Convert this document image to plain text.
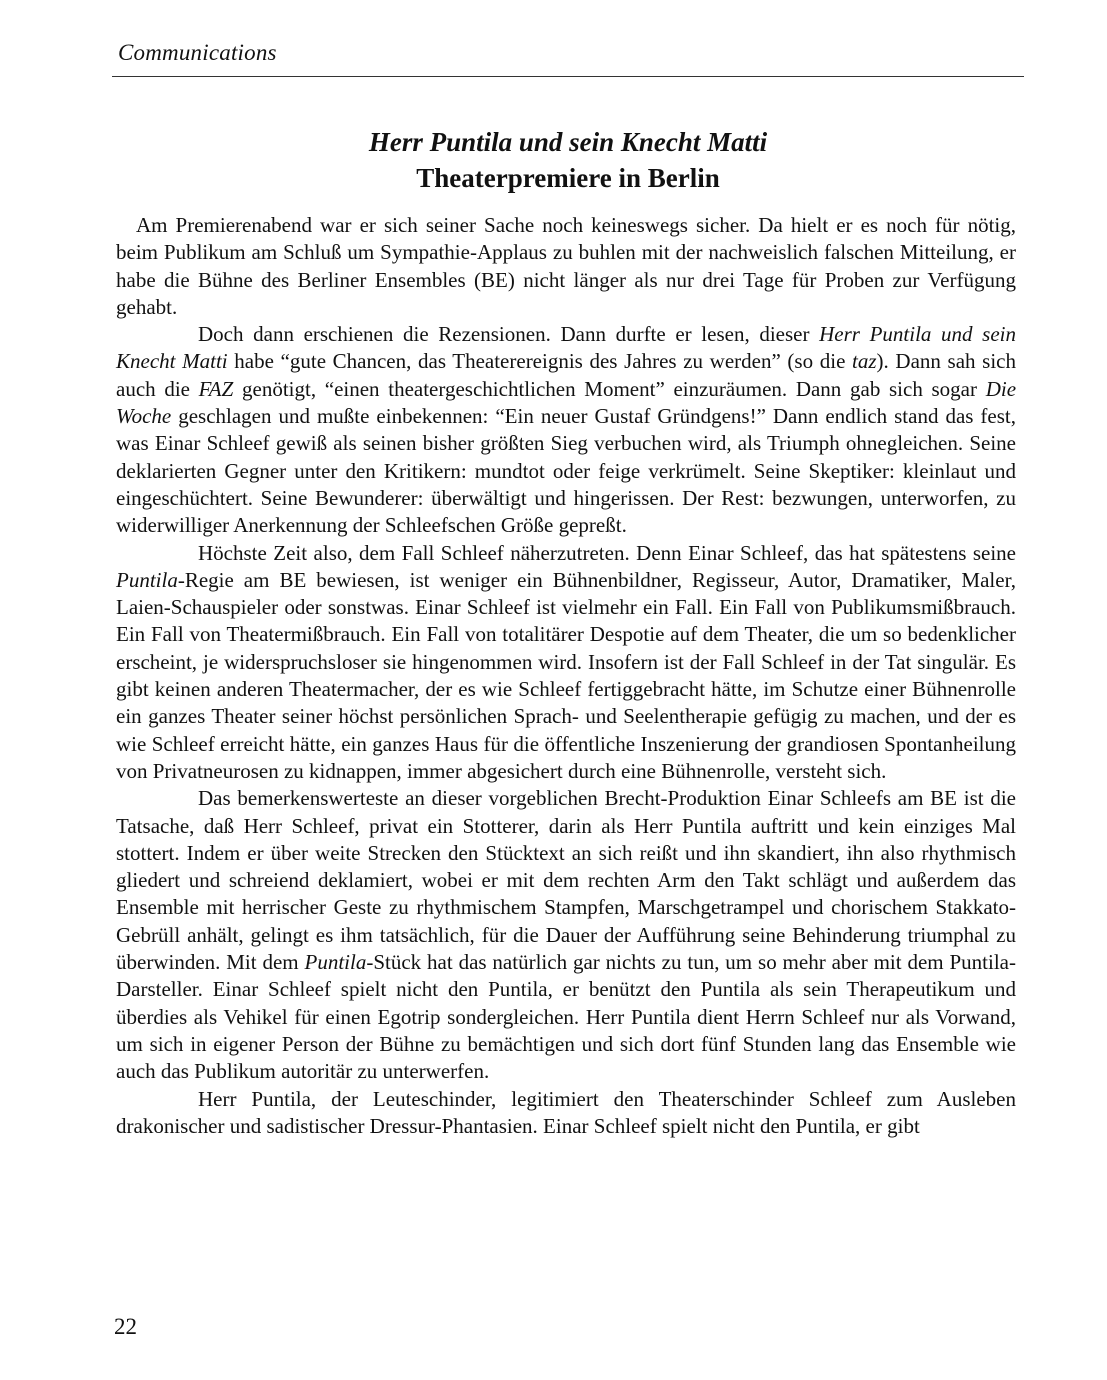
Communications
Herr Puntila und sein Knecht Matti
Theaterpremiere in Berlin

Am Premierenabend war er sich seiner Sache noch keineswegs sicher. Da hielt er es noch für nötig, beim Publikum am Schluß um Sympathie-Applaus zu buhlen mit der nachweislich falschen Mitteilung, er habe die Bühne des Berliner Ensembles (BE) nicht länger als nur drei Tage für Proben zur Verfügung gehabt.

Doch dann erschienen die Rezensionen. Dann durfte er lesen, dieser Herr Puntila und sein Knecht Matti habe “gute Chancen, das Theaterereignis des Jahres zu werden” (so die taz). Dann sah sich auch die FAZ genötigt, “einen theatergeschichtlichen Moment” einzuräumen. Dann gab sich sogar Die Woche geschlagen und mußte einbekennen: “Ein neuer Gustaf Gründgens!” Dann endlich stand das fest, was Einar Schleef gewiß als seinen bisher größten Sieg verbuchen wird, als Triumph ohnegleichen. Seine deklarierten Gegner unter den Kritikern: mundtot oder feige verkrümelt. Seine Skeptiker: kleinlaut und eingeschüchtert. Seine Bewunderer: überwältigt und hingerissen. Der Rest: bezwungen, unterworfen, zu widerwilliger Anerkennung der Schleefschen Größe gepreßt.

Höchste Zeit also, dem Fall Schleef näherzutreten. Denn Einar Schleef, das hat spätestens seine Puntila-Regie am BE bewiesen, ist weniger ein Bühnenbildner, Regisseur, Autor, Dramatiker, Maler, Laien-Schauspieler oder sonstwas. Einar Schleef ist vielmehr ein Fall. Ein Fall von Publikumsmißbrauch. Ein Fall von Theatermißbrauch. Ein Fall von totalitärer Despotie auf dem Theater, die um so bedenklicher erscheint, je widerspruchsloser sie hingenommen wird. Insofern ist der Fall Schleef in der Tat singulär. Es gibt keinen anderen Theatermacher, der es wie Schleef fertiggebracht hätte, im Schutze einer Bühnenrolle ein ganzes Theater seiner höchst persönlichen Sprach- und Seelentherapie gefügig zu machen, und der es wie Schleef erreicht hätte, ein ganzes Haus für die öffentliche Inszenierung der grandiosen Spontanheilung von Privatneurosen zu kidnappen, immer abgesichert durch eine Bühnenrolle, versteht sich.

Das bemerkenswerteste an dieser vorgeblichen Brecht-Produktion Einar Schleefs am BE ist die Tatsache, daß Herr Schleef, privat ein Stotterer, darin als Herr Puntila auftritt und kein einziges Mal stottert. Indem er über weite Strecken den Stücktext an sich reißt und ihn skandiert, ihn also rhythmisch gliedert und schreiend deklamiert, wobei er mit dem rechten Arm den Takt schlägt und außerdem das Ensemble mit herrischer Geste zu rhythmischem Stampfen, Marschgetrampel und chorischem Stakkato-Gebrüll anhält, gelingt es ihm tatsächlich, für die Dauer der Aufführung seine Behinderung triumphal zu überwinden. Mit dem Puntila-Stück hat das natürlich gar nichts zu tun, um so mehr aber mit dem Puntila-Darsteller. Einar Schleef spielt nicht den Puntila, er benützt den Puntila als sein Therapeutikum und überdies als Vehikel für einen Egotrip sondergleichen. Herr Puntila dient Herrn Schleef nur als Vorwand, um sich in eigener Person der Bühne zu bemächtigen und sich dort fünf Stunden lang das Ensemble wie auch das Publikum autoritär zu unterwerfen.

Herr Puntila, der Leuteschinder, legitimiert den Theaterschinder Schleef zum Ausleben drakonischer und sadistischer Dressur-Phantasien. Einar Schleef spielt nicht den Puntila, er gibt

22
